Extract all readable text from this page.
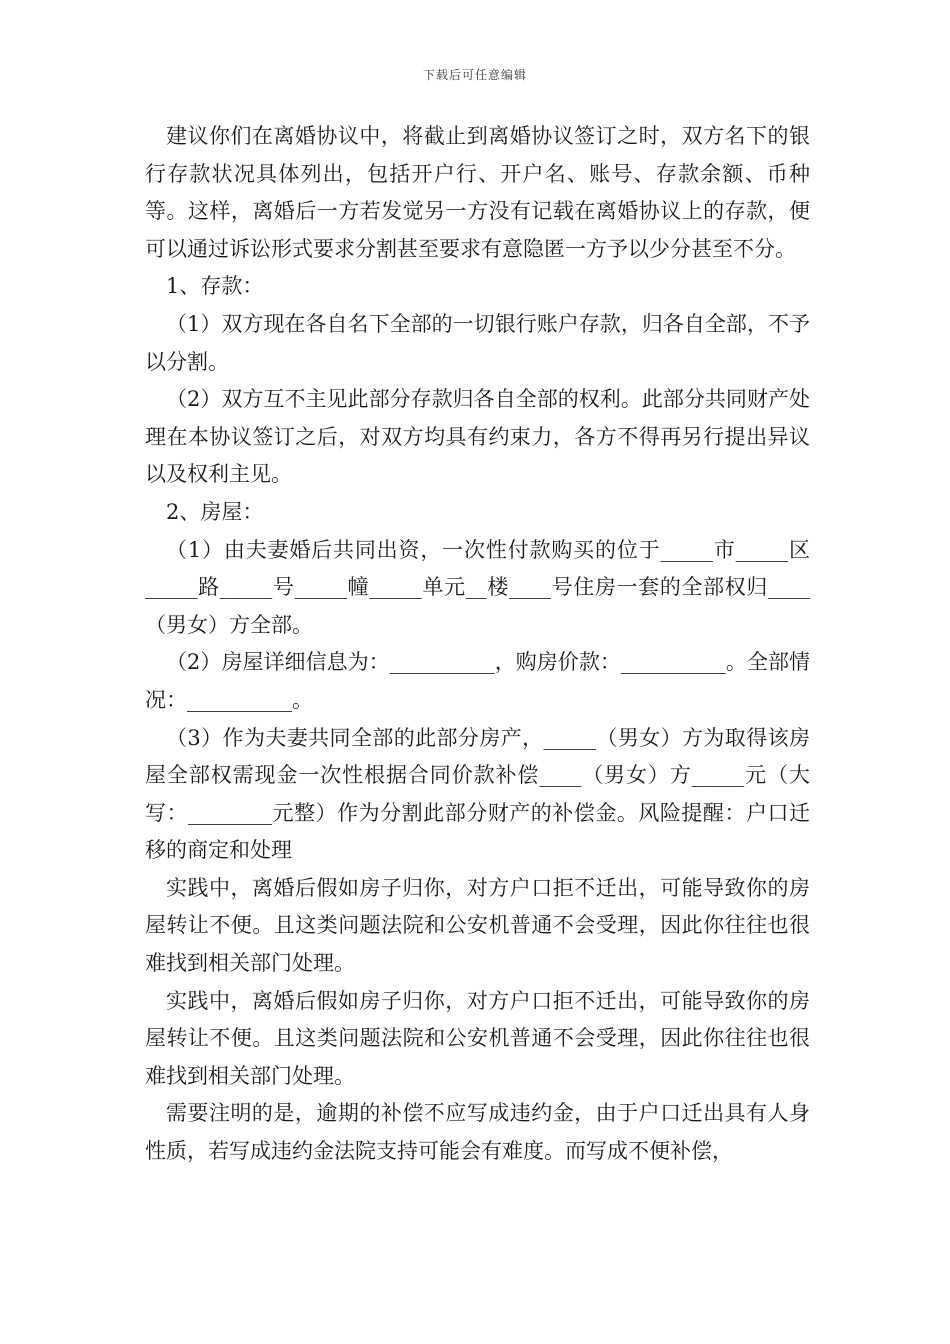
下载后可任意编辑

建议你们在离婚协议中，将截止到离婚协议签订之时，双方名下的银行存款状况具体列出，包括开户行、开户名、账号、存款余额、币种等。这样，离婚后一方若发觉另一方没有记载在离婚协议上的存款，便可以通过诉讼形式要求分割甚至要求有意隐匿一方予以少分甚至不分。

1、存款：

（1）双方现在各自名下全部的一切银行账户存款，归各自全部，不予以分割。

（2）双方互不主见此部分存款归各自全部的权利。此部分共同财产处理在本协议签订之后，对双方均具有约束力，各方不得再另行提出异议以及权利主见。

2、房屋：

（1）由夫妻婚后共同出资，一次性付款购买的位于_____市_____区_____路_____号_____幢_____单元__楼____号住房一套的全部权归____（男女）方全部。

（2）房屋详细信息为：__________，购房价款：__________。全部情况：__________。

（3）作为夫妻共同全部的此部分房产，_____（男女）方为取得该房屋全部权需现金一次性根据合同价款补偿____（男女）方_____元（大写：________元整）作为分割此部分财产的补偿金。风险提醒：户口迁移的商定和处理

实践中，离婚后假如房子归你，对方户口拒不迁出，可能导致你的房屋转让不便。且这类问题法院和公安机普通不会受理，因此你往往也很难找到相关部门处理。

实践中，离婚后假如房子归你，对方户口拒不迁出，可能导致你的房屋转让不便。且这类问题法院和公安机普通不会受理，因此你往往也很难找到相关部门处理。

需要注明的是，逾期的补偿不应写成违约金，由于户口迁出具有人身性质，若写成违约金法院支持可能会有难度。而写成不便补偿，
